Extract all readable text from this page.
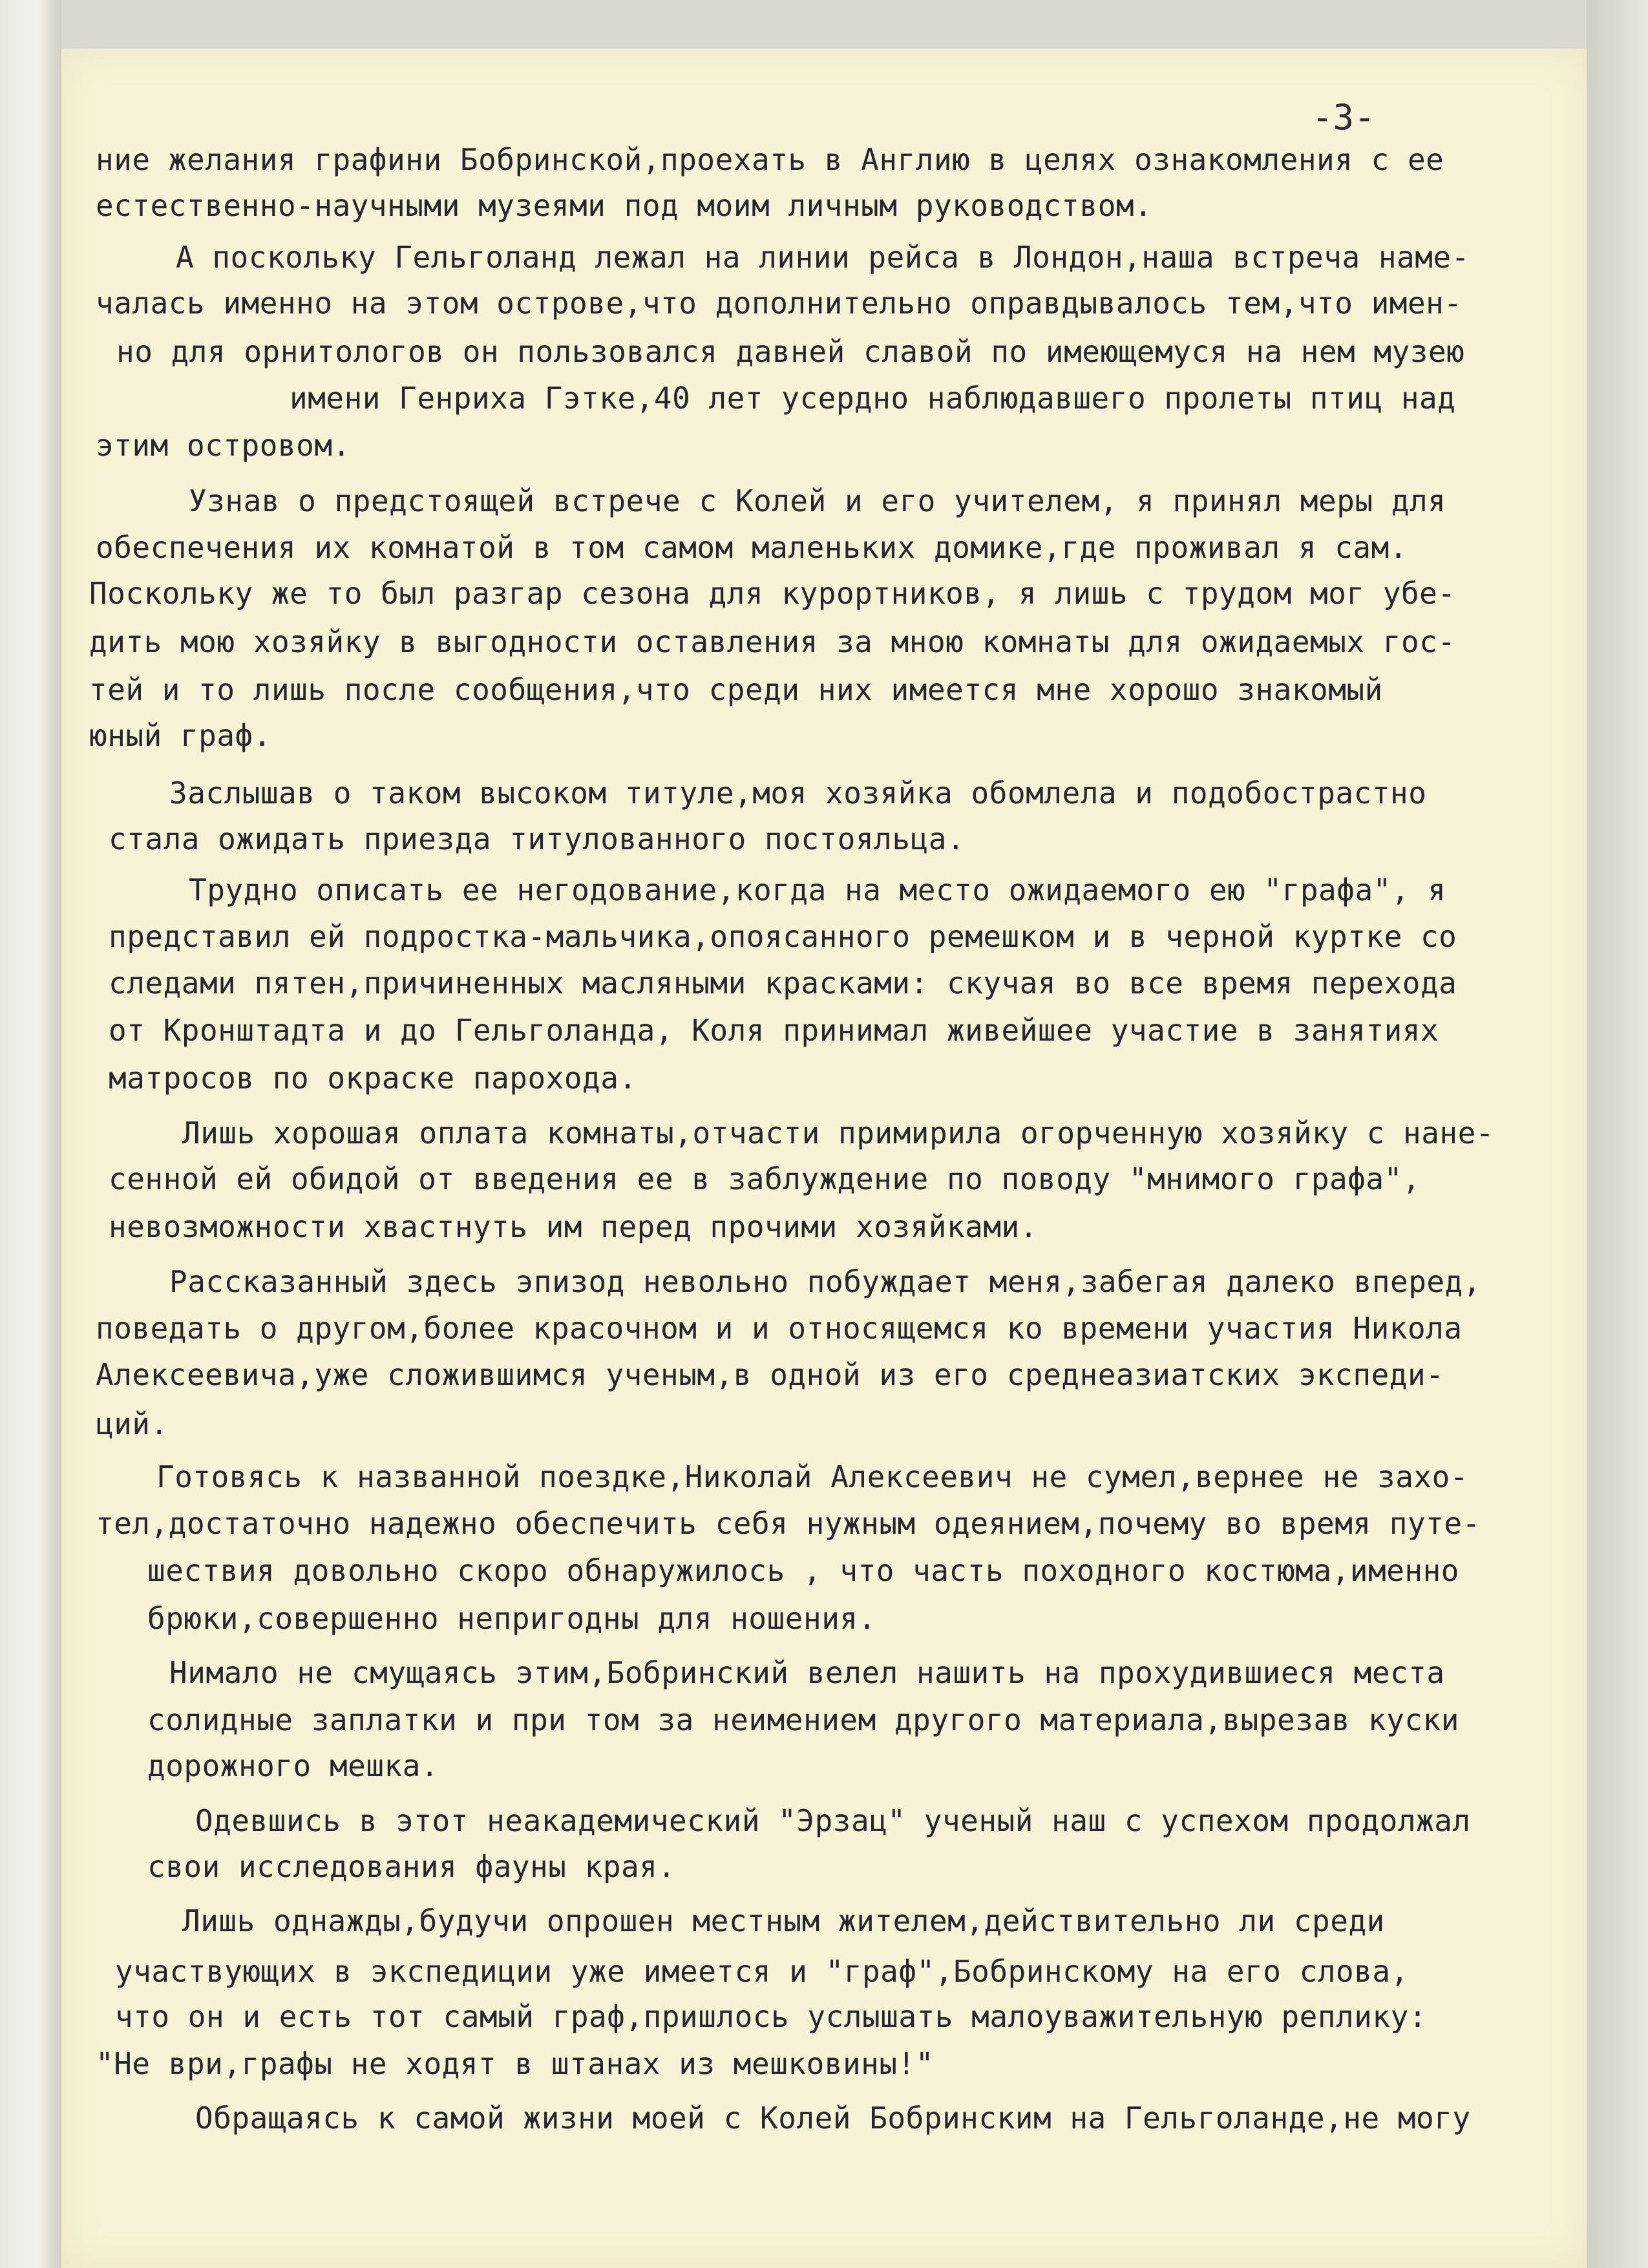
-3-
ние желания графини Бобринской,проехать в Англию в целях ознакомления с ее
естественно-научными музеями под моим личным руководством.
А поскольку Гельголанд лежал на линии рейса в Лондон,наша встреча наме-
чалась именно на этом острове,что дополнительно оправдывалось тем,что имен-
но для орнитологов он пользовался давней славой по имеющемуся на нем музею
имени Генриха Гэтке,40 лет усердно наблюдавшего пролеты птиц над
этим островом.
Узнав о предстоящей встрече с Колей и его учителем, я принял меры для
обеспечения их комнатой в том самом маленьких домике,где проживал я сам.
Поскольку же то был разгар сезона для курортников, я лишь с трудом мог убе-
дить мою хозяйку в выгодности оставления за мною комнаты для ожидаемых гос-
тей и то лишь после сообщения,что среди них имеется мне хорошо знакомый
юный граф.
Заслышав о таком высоком титуле,моя хозяйка обомлела и подобострастно
стала ожидать приезда титулованного постояльца.
Трудно описать ее негодование,когда на место ожидаемого ею "графа", я
представил ей подростка-мальчика,опоясанного ремешком и в черной куртке со
следами пятен,причиненных масляными красками: скучая во все время перехода
от Кронштадта и до Гельголанда, Коля принимал живейшее участие в занятиях
матросов по окраске парохода.
Лишь хорошая оплата комнаты,отчасти примирила огорченную хозяйку с нане-
сенной ей обидой от введения ее в заблуждение по поводу "мнимого графа",
невозможности хвастнуть им перед прочими хозяйками.
Рассказанный здесь эпизод невольно побуждает меня,забегая далеко вперед,
поведать о другом,более красочном и и относящемся ко времени участия Никола
Алексеевича,уже сложившимся ученым,в одной из его среднеазиатских экспеди-
ций.
Готовясь к названной поездке,Николай Алексеевич не сумел,вернее не захо-
тел,достаточно надежно обеспечить себя нужным одеянием,почему во время путе-
шествия довольно скоро обнаружилось , что часть походного костюма,именно
брюки,совершенно непригодны для ношения.
Нимало не смущаясь этим,Бобринский велел нашить на прохудившиеся места
солидные заплатки и при том за неимением другого материала,вырезав куски
дорожного мешка.
Одевшись в этот неакадемический "Эрзац" ученый наш с успехом продолжал
свои исследования фауны края.
Лишь однажды,будучи опрошен местным жителем,действительно ли среди
участвующих в экспедиции уже имеется и "граф",Бобринскому на его слова,
что он и есть тот самый граф,пришлось услышать малоуважительную реплику:
"Не ври,графы не ходят в штанах из мешковины!"
Обращаясь к самой жизни моей с Колей Бобринским на Гельголанде,не могу
